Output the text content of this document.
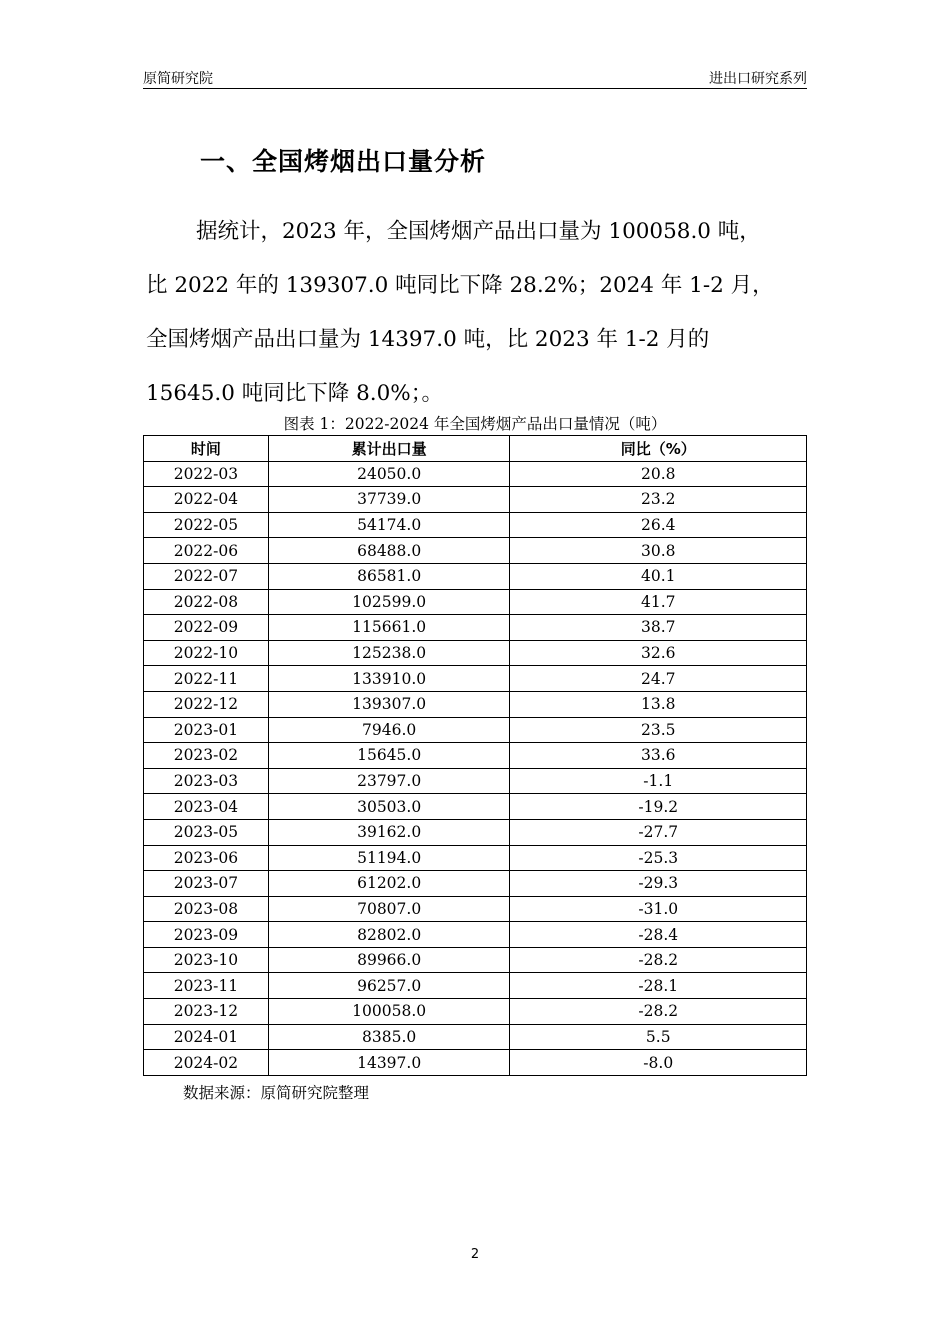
原简研究院	进出口研究系列
一、全国烤烟出口量分析

据统计，2023 年，全国烤烟产品出口量为 100058.0 吨，

比 2022 年的 139307.0 吨同比下降 28.2%；2024 年 1-2 月，

全国烤烟产品出口量为 14397.0 吨，比 2023 年 1-2 月的

15645.0 吨同比下降 8.0%；。

图表 1：2022-2024 年全国烤烟产品出口量情况（吨）
时间	累计出口量	同比（%）
2022-03	24050.0	20.8
2022-04	37739.0	23.2
2022-05	54174.0	26.4
2022-06	68488.0	30.8
2022-07	86581.0	40.1
2022-08	102599.0	41.7
2022-09	115661.0	38.7
2022-10	125238.0	32.6
2022-11	133910.0	24.7
2022-12	139307.0	13.8
2023-01	7946.0	23.5
2023-02	15645.0	33.6
2023-03	23797.0	-1.1
2023-04	30503.0	-19.2
2023-05	39162.0	-27.7
2023-06	51194.0	-25.3
2023-07	61202.0	-29.3
2023-08	70807.0	-31.0
2023-09	82802.0	-28.4
2023-10	89966.0	-28.2
2023-11	96257.0	-28.1
2023-12	100058.0	-28.2
2024-01	8385.0	5.5
2024-02	14397.0	-8.0
数据来源：原简研究院整理
2
